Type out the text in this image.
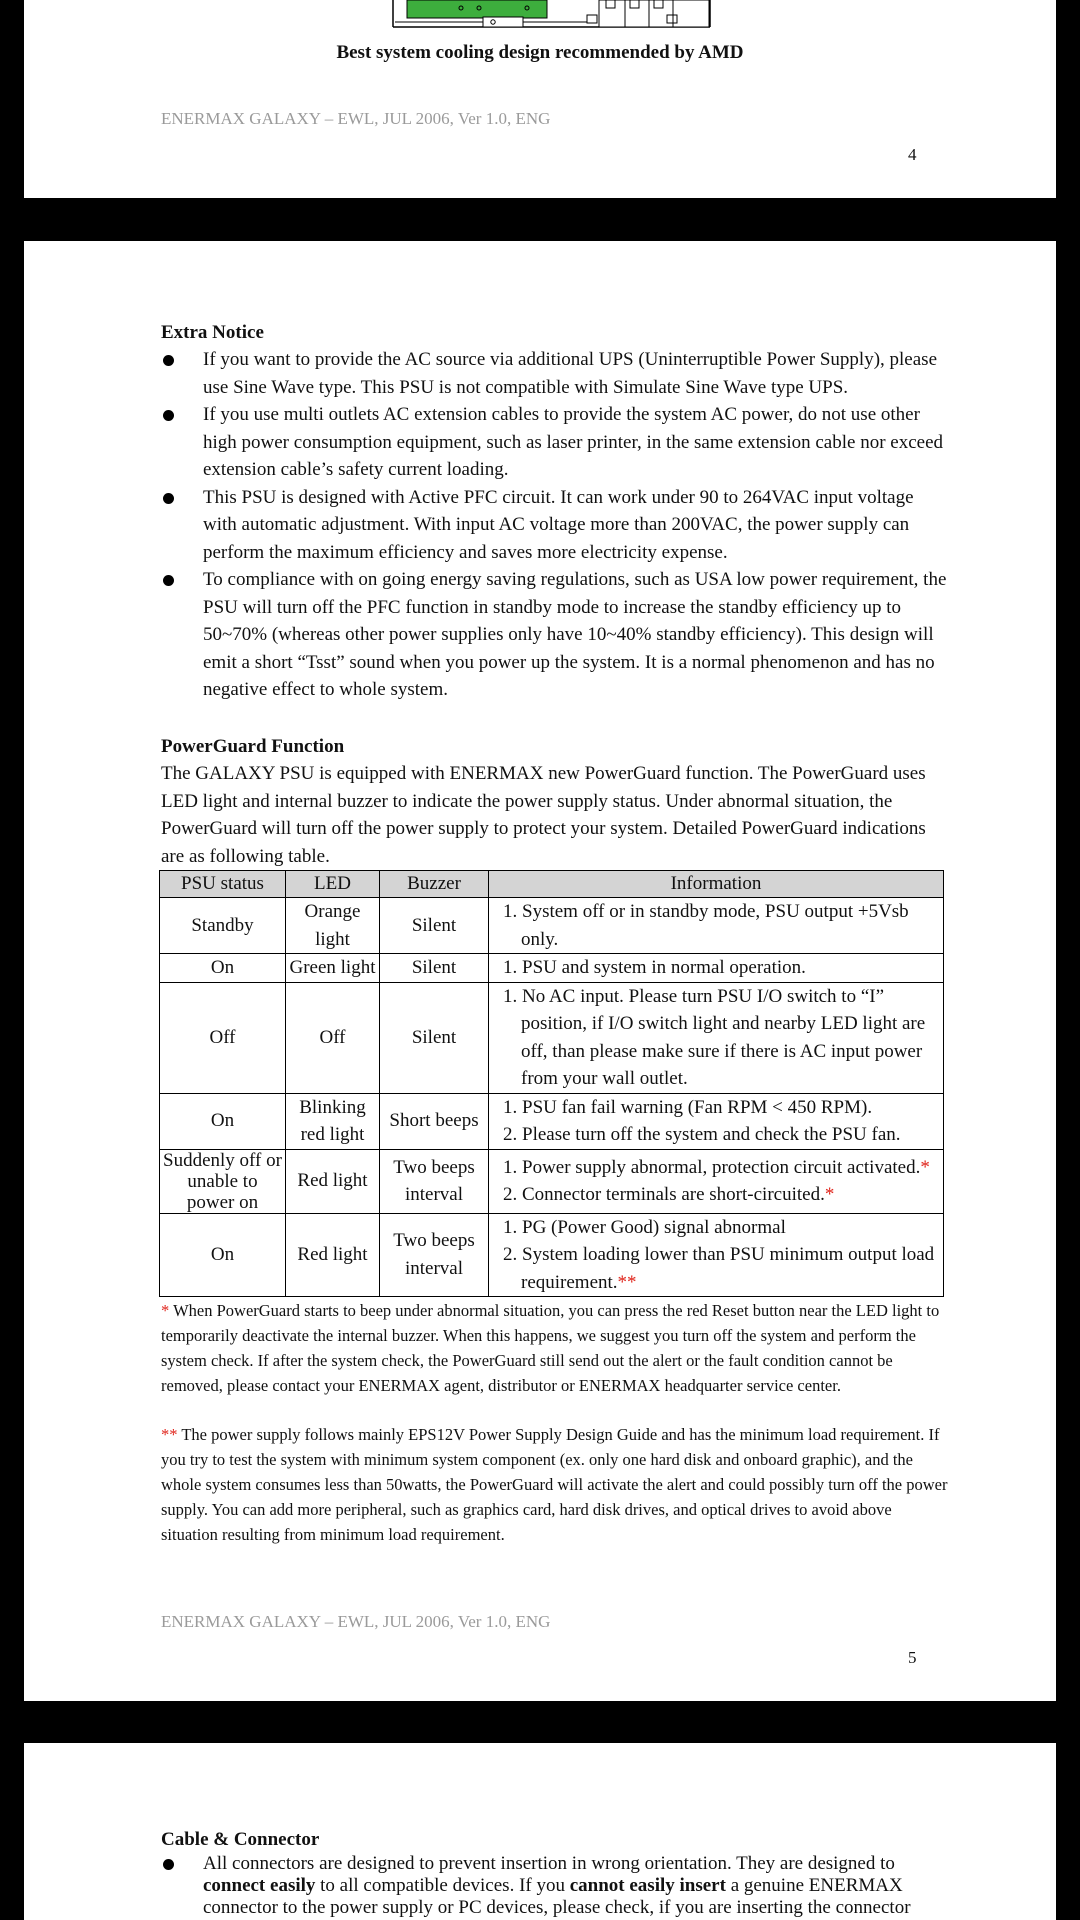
Best system cooling design recommended by AMD
ENERMAX GALAXY – EWL, JUL 2006, Ver 1.0, ENG
4
Extra Notice
If you want to provide the AC source via additional UPS (Uninterruptible Power Supply), please use Sine Wave type. This PSU is not compatible with Simulate Sine Wave type UPS.
If you use multi outlets AC extension cables to provide the system AC power, do not use other high power consumption equipment, such as laser printer, in the same extension cable nor exceed extension cable’s safety current loading.
This PSU is designed with Active PFC circuit. It can work under 90 to 264VAC input voltage with automatic adjustment. With input AC voltage more than 200VAC, the power supply can perform the maximum efficiency and saves more electricity expense.
To compliance with on going energy saving regulations, such as USA low power requirement, the PSU will turn off the PFC function in standby mode to increase the standby efficiency up to 50~70% (whereas other power supplies only have 10~40% standby efficiency). This design will emit a short “Tsst” sound when you power up the system. It is a normal phenomenon and has no negative effect to whole system.
PowerGuard Function

The GALAXY PSU is equipped with ENERMAX new PowerGuard function. The PowerGuard uses LED light and internal buzzer to indicate the power supply status. Under abnormal situation, the PowerGuard will turn off the power supply to protect your system. Detailed PowerGuard indications are as following table.

PSU status	LED	Buzzer	Information
Standby	Orange light	Silent	1. System off or in standby mode, PSU output +5Vsb only.

On	Green light	Silent	1. PSU and system in normal operation.

Off	Off	Silent	1. No AC input. Please turn PSU I/O switch to “I” position, if I/O switch light and nearby LED light are off, than please make sure if there is AC input power from your wall outlet.

On	Blinking red light	Short beeps	1. PSU fan fail warning (Fan RPM < 450 RPM).
2. Please turn off the system and check the PSU fan.

Suddenly off or unable to power on	Red light	Two beeps interval	1. Power supply abnormal, protection circuit activated.*
2. Connector terminals are short-circuited.*

On	Red light	Two beeps interval	1. PG (Power Good) signal abnormal
2. System loading lower than PSU minimum output load requirement.**

* When PowerGuard starts to beep under abnormal situation, you can press the red Reset button near the LED light to temporarily deactivate the internal buzzer. When this happens, we suggest you turn off the system and perform the system check. If after the system check, the PowerGuard still send out the alert or the fault condition cannot be removed, please contact your ENERMAX agent, distributor or ENERMAX headquarter service center.

** The power supply follows mainly EPS12V Power Supply Design Guide and has the minimum load requirement. If you try to test the system with minimum system component (ex. only one hard disk and onboard graphic), and the whole system consumes less than 50watts, the PowerGuard will activate the alert and could possibly turn off the power supply. You can add more peripheral, such as graphics card, hard disk drives, and optical drives to avoid above situation resulting from minimum load requirement.

ENERMAX GALAXY – EWL, JUL 2006, Ver 1.0, ENG
5
Cable & Connector
All connectors are designed to prevent insertion in wrong orientation. They are designed to connect easily to all compatible devices. If you cannot easily insert a genuine ENERMAX connector to the power supply or PC devices, please check, if you are inserting the connector
